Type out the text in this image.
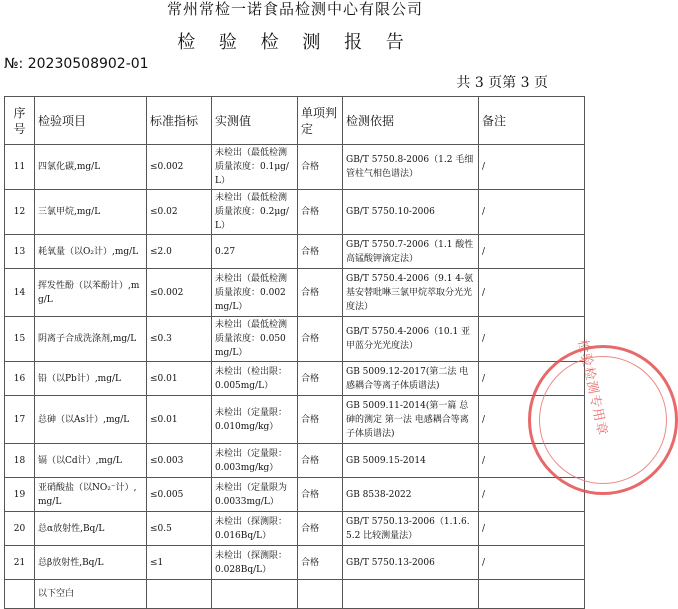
常州常检一诺食品检测中心有限公司
检 验 检 测 报 告
№: 20230508902-01
共 3 页第 3 页
序号	检验项目	标准指标	实测值	单项判定	检测依据	备注
11	四氯化碳,mg/L	≤0.002	未检出（最低检测质量浓度：0.1μg/L）	合格	GB/T 5750.8-2006（1.2 毛细管柱气相色谱法）	/
12	三氯甲烷,mg/L	≤0.02	未检出（最低检测质量浓度：0.2μg/L）	合格	GB/T 5750.10-2006	/
13	耗氧量（以O₂计）,mg/L	≤2.0	0.27	合格	GB/T 5750.7-2006（1.1 酸性高锰酸钾滴定法）	/
14	挥发性酚（以苯酚计）,mg/L	≤0.002	未检出（最低检测质量浓度：0.002mg/L）	合格	GB/T 5750.4-2006（9.1 4-氨基安替吡啉三氯甲烷萃取分光光度法）	/
15	阴离子合成洗涤剂,mg/L	≤0.3	未检出（最低检测质量浓度：0.050mg/L）	合格	GB/T 5750.4-2006（10.1 亚甲蓝分光光度法）	/
16	铅（以Pb计）,mg/L	≤0.01	未检出（检出限：0.005mg/L）	合格	GB 5009.12-2017(第二法 电感耦合等离子体质谱法)	/
17	总砷（以As计）,mg/L	≤0.01	未检出（定量限：0.010mg/kg）	合格	GB 5009.11-2014(第一篇 总砷的测定 第一法 电感耦合等离子体质谱法)	/
18	镉（以Cd计）,mg/L	≤0.003	未检出（定量限：0.003mg/kg）	合格	GB 5009.15-2014	/
19	亚硝酸盐（以NO₂⁻计）,mg/L	≤0.005	未检出（定量限为0.0033mg/L）	合格	GB 8538-2022	/
20	总α放射性,Bq/L	≤0.5	未检出（探测限：0.016Bq/L）	合格	GB/T 5750.13-2006（1.1.6.5.2 比较测量法）	/
21	总β放射性,Bq/L	≤1	未检出（探测限：0.028Bq/L）	合格	GB/T 5750.13-2006	/
	以下空白					
检验检测专用章
